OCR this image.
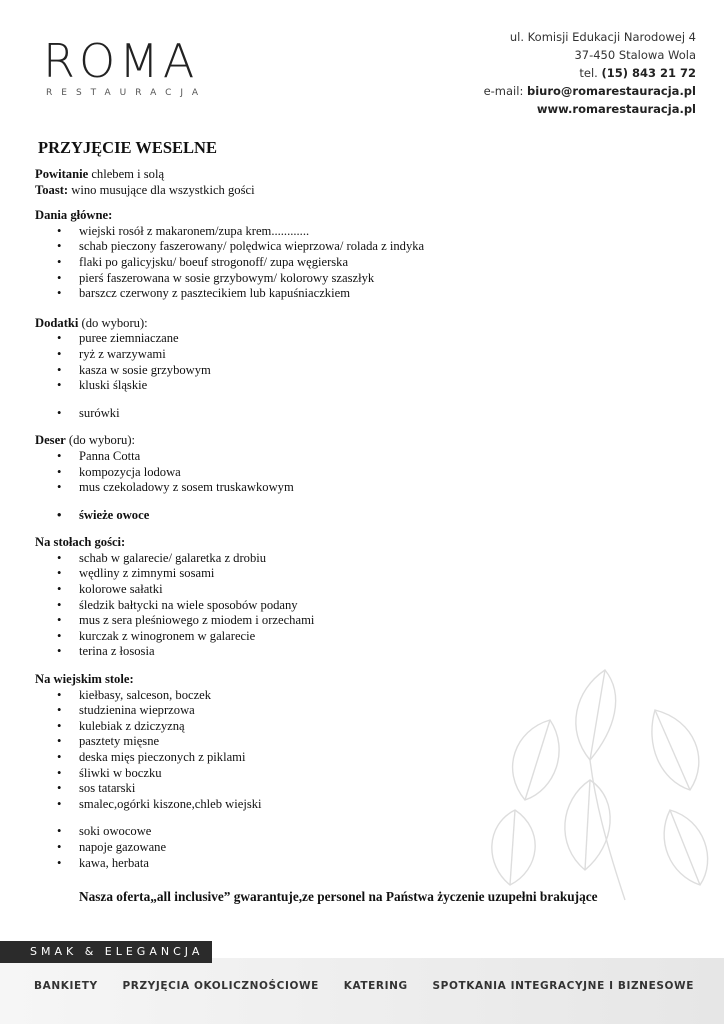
ROMA
RESTAURACJA
ul. Komisji Edukacji Narodowej 4
37-450 Stalowa Wola
tel. (15) 843 21 72
e-mail: biuro@romarestauracja.pl
www.romarestauracja.pl
PRZYJĘCIE WESELNE

Powitanie chlebem i solą

Toast: wino musujące dla wszystkich gości

Dania główne:

• wiejski rosół z makaronem/zupa krem............
• schab pieczony faszerowany/ polędwica wieprzowa/ rolada z indyka
• flaki po galicyjsku/ boeuf strogonoff/ zupa węgierska
• pierś faszerowana w sosie grzybowym/ kolorowy szaszłyk
• barszcz czerwony z pasztecikiem lub kapuśniaczkiem

Dodatki (do wyboru):

• puree ziemniaczane
• ryż z warzywami
• kasza w sosie grzybowym
• kluski śląskie
• surówki

Deser (do wyboru):

• Panna Cotta
• kompozycja lodowa
• mus czekoladowy z sosem truskawkowym
• świeże owoce

Na stołach gości:

• schab w galarecie/ galaretka z drobiu
• wędliny z zimnymi sosami
• kolorowe sałatki
• śledzik bałtycki na wiele sposobów podany
• mus z sera pleśniowego z miodem i orzechami
• kurczak z winogronem w galarecie
• terina z łososia

Na wiejskim stole:

• kiełbasy, salceson, boczek
• studzienina wieprzowa
• kulebiak z dziczyzną
• pasztety mięsne
• deska mięs pieczonych z piklami
• śliwki w boczku
• sos tatarski
• smalec,ogórki kiszone,chleb wiejski
• soki owocowe
• napoje gazowane
• kawa, herbata

Nasza oferta„all inclusive” gwarantuje,ze personel na Państwa życzenie uzupełni brakujące

SMAK & ELEGANCJA
BANKIETY PRZYJĘCIA OKOLICZNOŚCIOWE KATERING SPOTKANIA INTEGRACYJNE I BIZNESOWE
